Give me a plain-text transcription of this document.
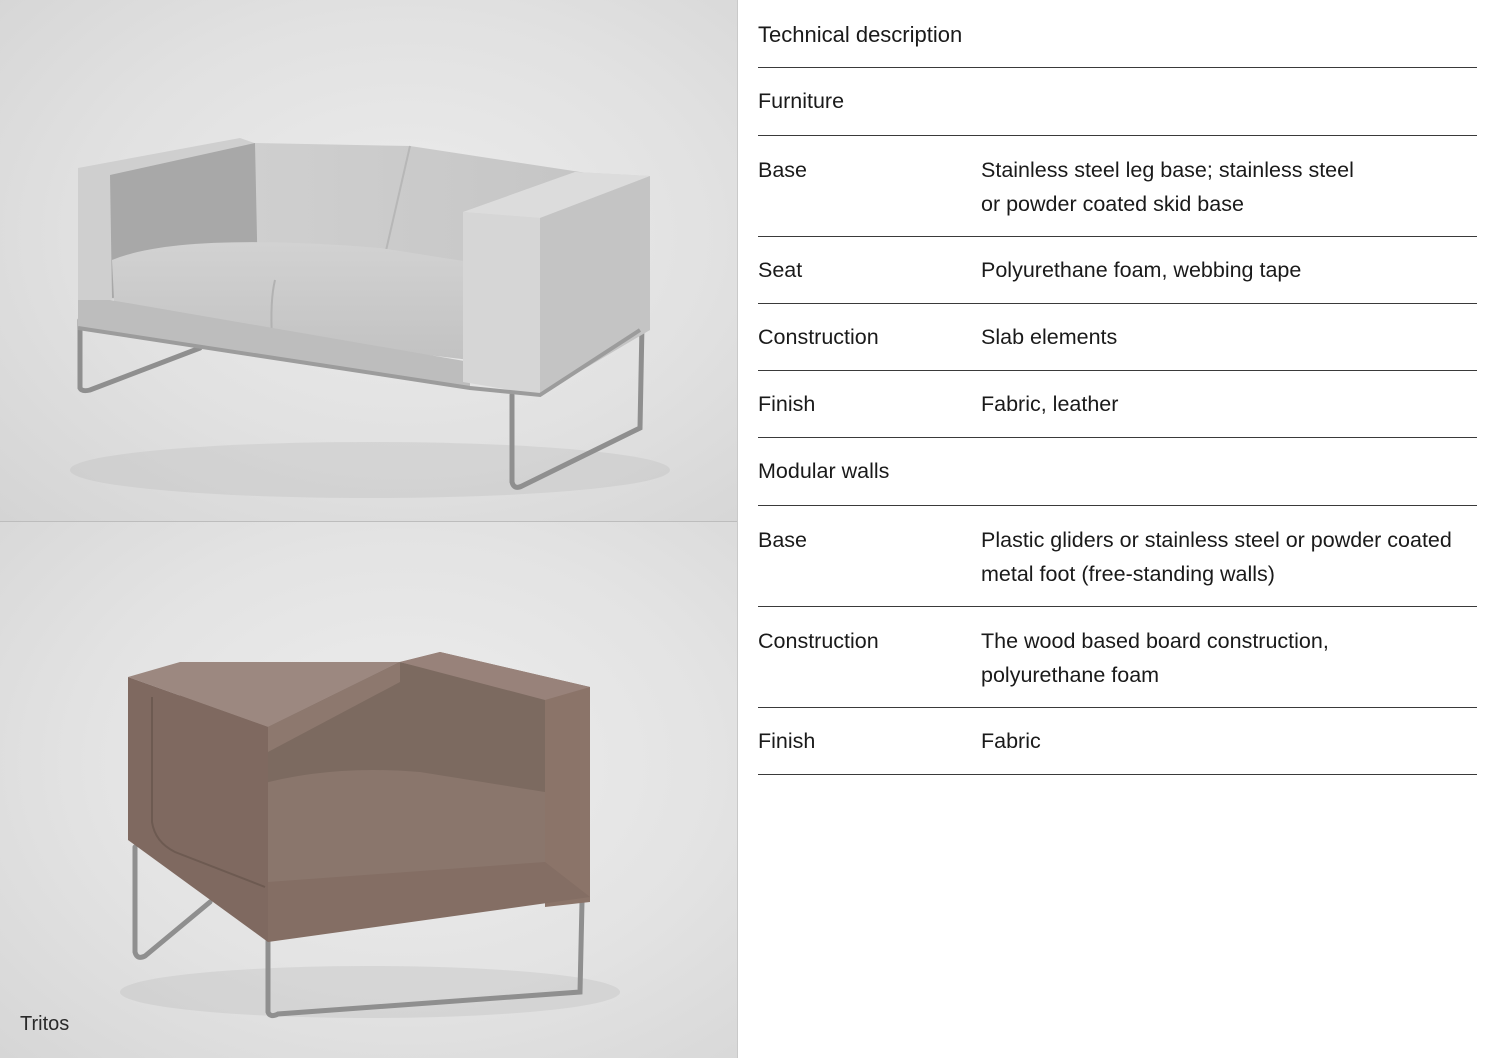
Tritos
Technical description
Furniture
Base	Stainless steel leg base; stainless steel
or powder coated skid base
Seat	Polyurethane foam, webbing tape
Construction	Slab elements
Finish	Fabric, leather
Modular walls
Base	Plastic gliders or stainless steel or powder coated
metal foot (free-standing walls)
Construction	The wood based board construction,
polyurethane foam
Finish	Fabric
